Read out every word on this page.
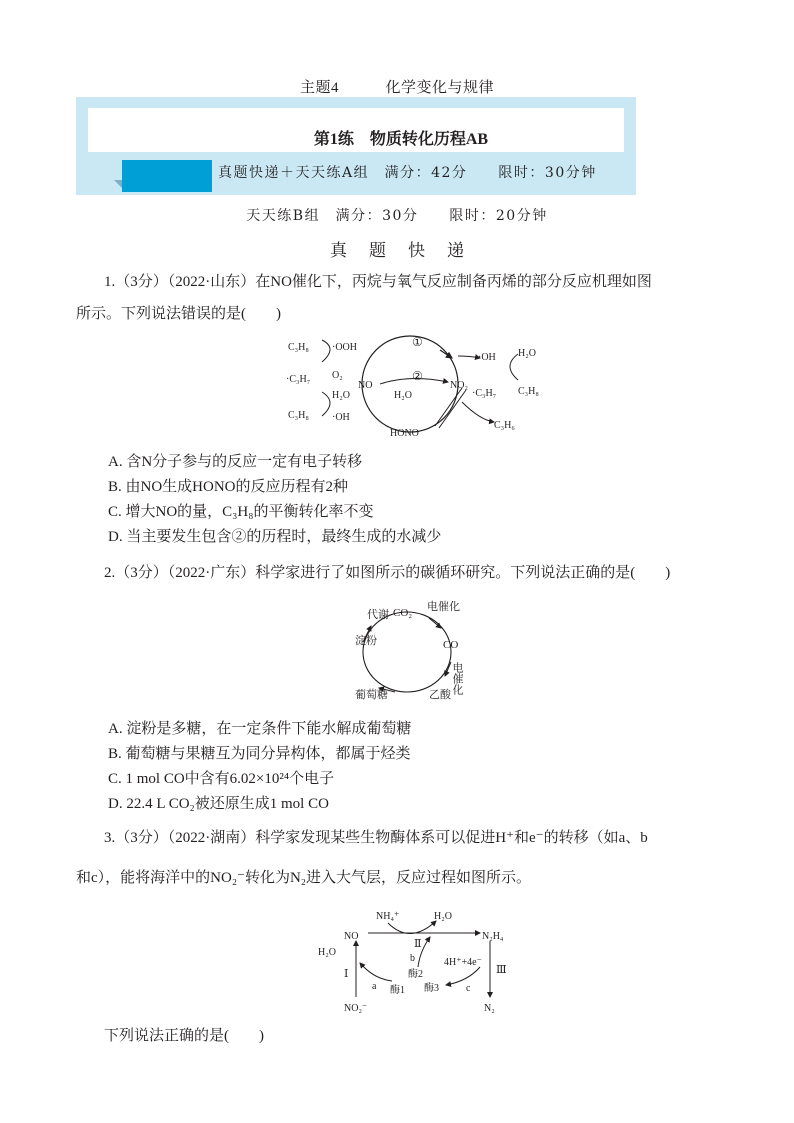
主题4	化学变化与规律
第1练　物质转化历程AB
真题快递＋天天练A组　满分：42分　　限时：30分钟
天天练B组　满分：30分　　限时：20分钟
真题快递
1.（3分）（2022·山东）在NO催化下，丙烷与氧气反应制备丙烯的部分反应机理如图
所示。下列说法错误的是(　　)
C₃H₈ ·OOH
·C₃H₇ O₂
C₃H₈
H₂O
·OH
①
②
NO	NO₂
H₂O
HONO
·OH H₂O
C₃H₈
·C₃H₇
C₃H₆
A. 含N分子参与的反应一定有电子转移
B. 由NO生成HONO的反应历程有2种
C. 增大NO的量，C₃H₈的平衡转化率不变
D. 当主要发生包含②的历程时，最终生成的水减少
2.（3分）（2022·广东）科学家进行了如图所示的碳循环研究。下列说法正确的是(　　)
CO₂
CO
乙酸
葡萄糖
淀粉
代谢
电催化
电催化
A. 淀粉是多糖，在一定条件下能水解成葡萄糖
B. 葡萄糖与果糖互为同分异构体，都属于烃类
C. 1 mol CO中含有6.02×10²⁴个电子
D. 22.4 L CO₂被还原生成1 mol CO
3.（3分）（2022·湖南）科学家发现某些生物酶体系可以促进H⁺和e⁻的转移（如a、b
和c），能将海洋中的NO₂⁻转化为N₂进入大气层，反应过程如图所示。
NH₄⁺	H₂O
NO	N₂H₄
H₂O
Ⅰ
Ⅱ
Ⅲ
a
b
c
酶1
酶2
酶3
4H⁺+4e⁻
NO₂⁻	N₂
下列说法正确的是(　　)
